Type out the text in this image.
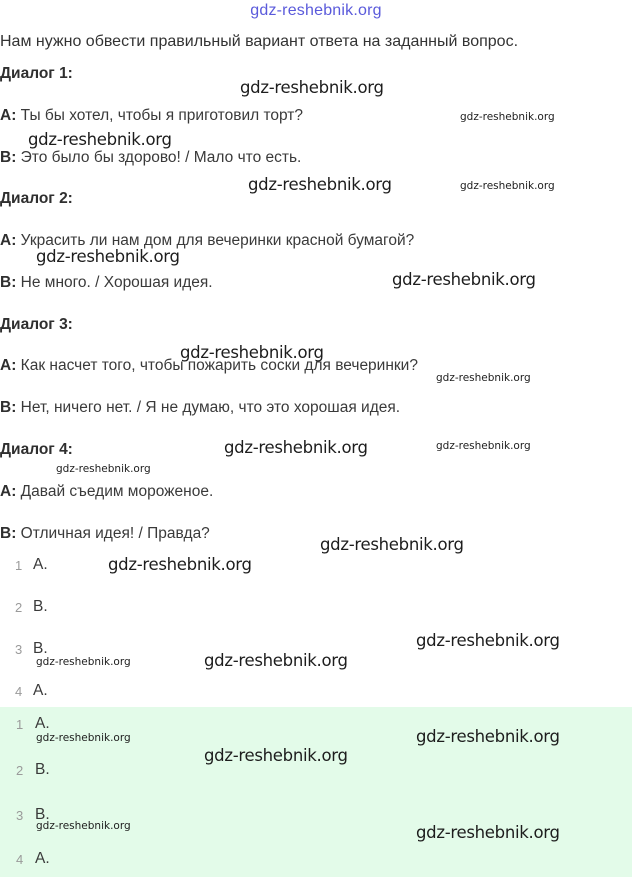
gdz-reshebnik.org
Нам нужно обвести правильный вариант ответа на заданный вопрос.
Диалог 1:
А: Ты бы хотел, чтобы я приготовил торт?
В: Это было бы здорово! / Мало что есть.
Диалог 2:
А: Украсить ли нам дом для вечеринки красной бумагой?
В: Не много. / Хорошая идея.
Диалог 3:
А: Как насчет того, чтобы пожарить соски для вечеринки?
В: Нет, ничего нет. / Я не думаю, что это хорошая идея.
Диалог 4:
А: Давай съедим мороженое.
В: Отличная идея! / Правда?
1 A.
2 B.
3 B.
4 A.
1 A.
2 B.
3 B.
4 A.
gdz-reshebnik.org
gdz-reshebnik.org
gdz-reshebnik.org
gdz-reshebnik.org
gdz-reshebnik.org
gdz-reshebnik.org
gdz-reshebnik.org
gdz-reshebnik.org
gdz-reshebnik.org
gdz-reshebnik.org
gdz-reshebnik.org
gdz-reshebnik.org
gdz-reshebnik.org
gdz-reshebnik.org
gdz-reshebnik.org
gdz-reshebnik.org
gdz-reshebnik.org
gdz-reshebnik.org
gdz-reshebnik.org
gdz-reshebnik.org
gdz-reshebnik.org
gdz-reshebnik.org
